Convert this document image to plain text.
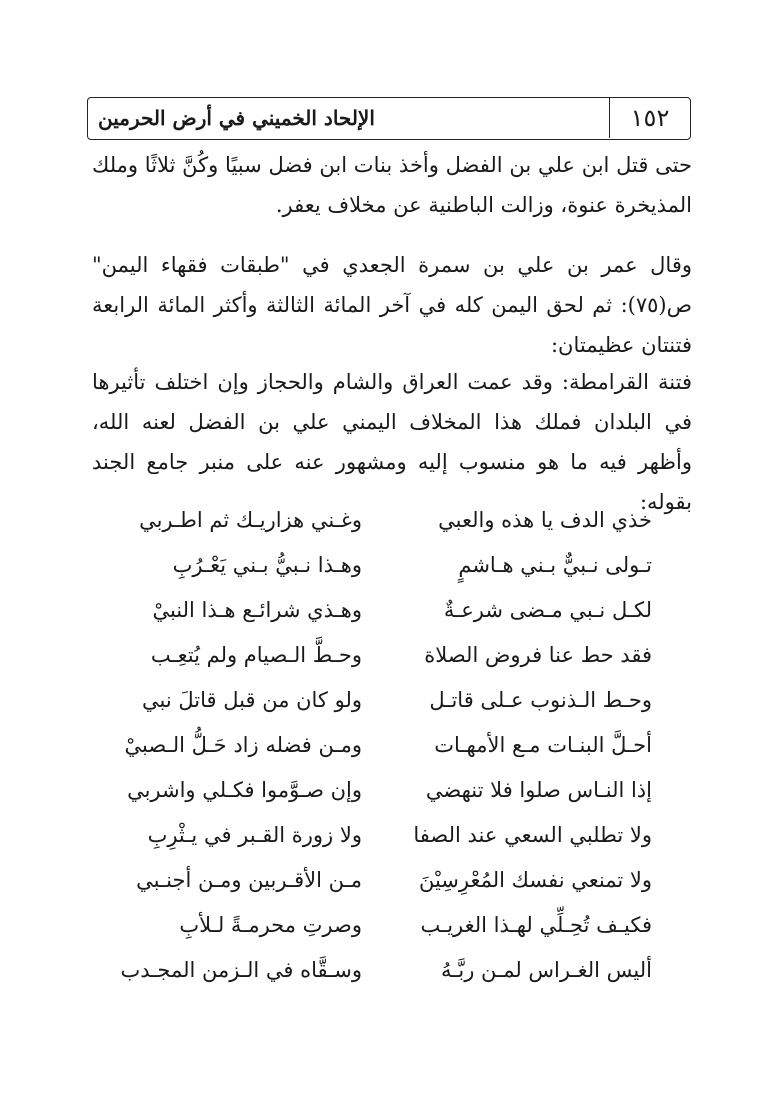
١٥٢
الإلحاد الخميني في أرض الحرمين
حتى قتل ابن علي بن الفضل وأخذ بنات ابن فضل سبيًا وكُنَّ ثلاثًا وملك المذيخرة عنوة، وزالت الباطنية عن مخلاف يعفر.
وقال عمر بن علي بن سمرة الجعدي في "طبقات فقهاء اليمن" ص(٧٥): ثم لحق اليمن كله في آخر المائة الثالثة وأكثر المائة الرابعة فتنتان عظيمتان:
فتنة القرامطة: وقد عمت العراق والشام والحجاز وإن اختلف تأثيرها في البلدان فملك هذا المخلاف اليمني علي بن الفضل لعنه الله، وأظهر فيه ما هو منسوب إليه ومشهور عنه على منبر جامع الجند بقوله:
خذي الدف يا هذه والعبي
وغـني هزاريـك ثم اطـربي
تـولى نـبيٌّ بـني هـاشمٍ
وهـذا نـبيُّ بـني يَعْـرُبِ
لكـل نـبي مـضى شرعـةٌ
وهـذي شرائـع هـذا النبيْ
فقد حط عنا فروض الصلاة
وحـطَّ الـصيام ولم يُتعِـب
وحـط الـذنوب عـلى قاتـل
ولو كان من قبل قاتلَ نبي
أحـلَّ البنـات مـع الأمهـات
ومـن فضله زاد حَـلُّ الـصبيْ
إذا النـاس صلوا فلا تنهضي
وإن صـوَّموا فكـلي واشربي
ولا تطلبي السعي عند الصفا
ولا زورة القـبر في يـثْرِبِ
ولا تمنعي نفسك المُعْرِسِيْنَ
مـن الأقـربين ومـن أجنـبي
فكيـف تُحِـلِّي لهـذا الغريـب
وصرتِ محرمـةً لـلأبِ
أليس الغـراس لمـن ربَّـهُ
وسـقَّاه في الـزمن المجـدب
